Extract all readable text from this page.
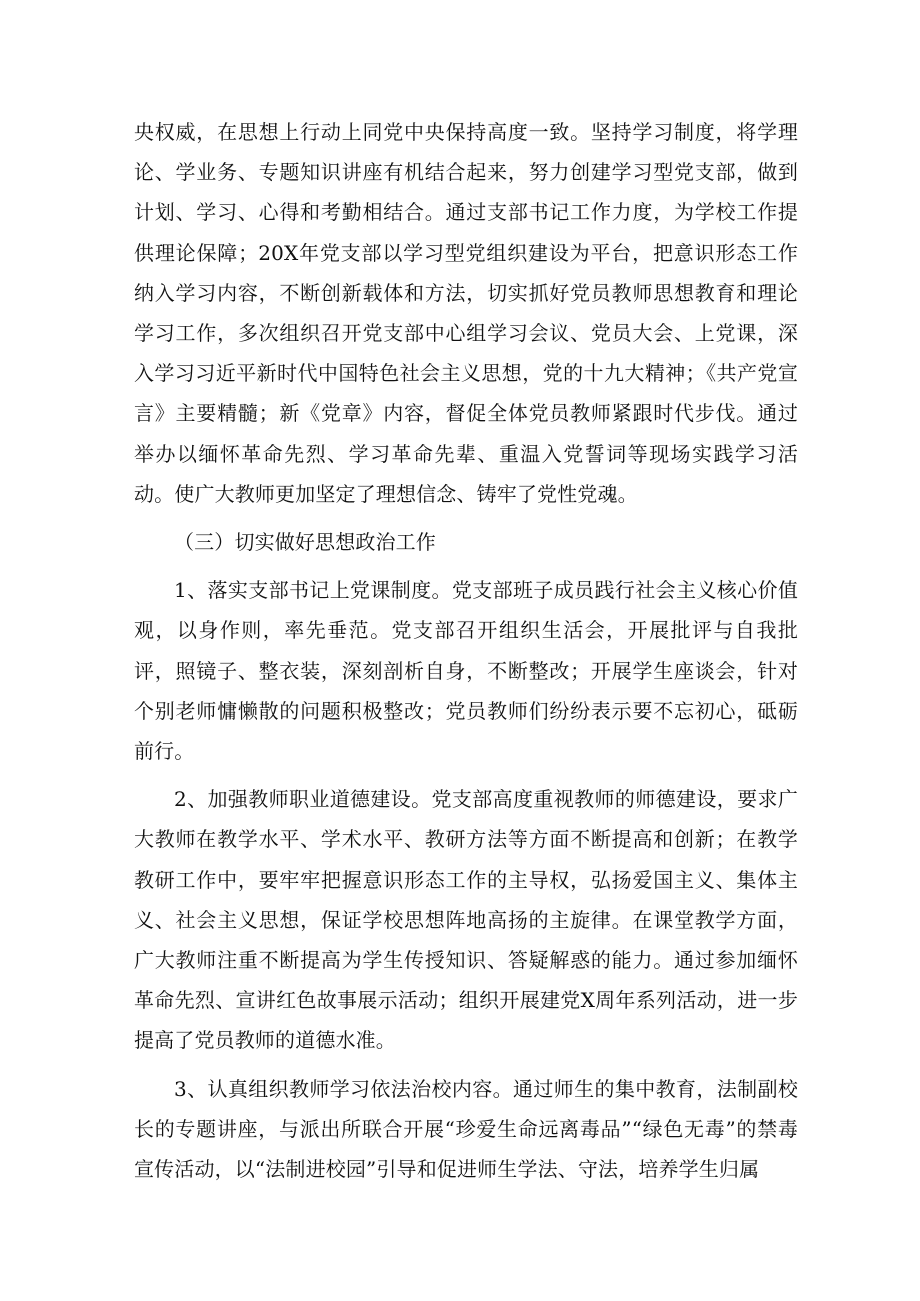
央权威，在思想上行动上同党中央保持高度一致。坚持学习制度，将学理论、学业务、专题知识讲座有机结合起来，努力创建学习型党支部，做到计划、学习、心得和考勤相结合。通过支部书记工作力度，为学校工作提供理论保障；20X年党支部以学习型党组织建设为平台，把意识形态工作纳入学习内容，不断创新载体和方法，切实抓好党员教师思想教育和理论学习工作，多次组织召开党支部中心组学习会议、党员大会、上党课，深入学习习近平新时代中国特色社会主义思想，党的十九大精神；《共产党宣言》主要精髓；新《党章》内容，督促全体党员教师紧跟时代步伐。通过举办以缅怀革命先烈、学习革命先辈、重温入党誓词等现场实践学习活动。使广大教师更加坚定了理想信念、铸牢了党性党魂。

（三）切实做好思想政治工作

1、落实支部书记上党课制度。党支部班子成员践行社会主义核心价值观，以身作则，率先垂范。党支部召开组织生活会，开展批评与自我批评，照镜子、整衣装，深刻剖析自身，不断整改；开展学生座谈会，针对个别老师慵懒散的问题积极整改；党员教师们纷纷表示要不忘初心，砥砺前行。

2、加强教师职业道德建设。党支部高度重视教师的师德建设，要求广大教师在教学水平、学术水平、教研方法等方面不断提高和创新；在教学教研工作中，要牢牢把握意识形态工作的主导权，弘扬爱国主义、集体主义、社会主义思想，保证学校思想阵地高扬的主旋律。在课堂教学方面，广大教师注重不断提高为学生传授知识、答疑解惑的能力。通过参加缅怀革命先烈、宣讲红色故事展示活动；组织开展建党X周年系列活动，进一步提高了党员教师的道德水准。

3、认真组织教师学习依法治校内容。通过师生的集中教育，法制副校长的专题讲座，与派出所联合开展“珍爱生命远离毒品”“绿色无毒”的禁毒宣传活动，以“法制进校园”引导和促进师生学法、守法，培养学生归属
